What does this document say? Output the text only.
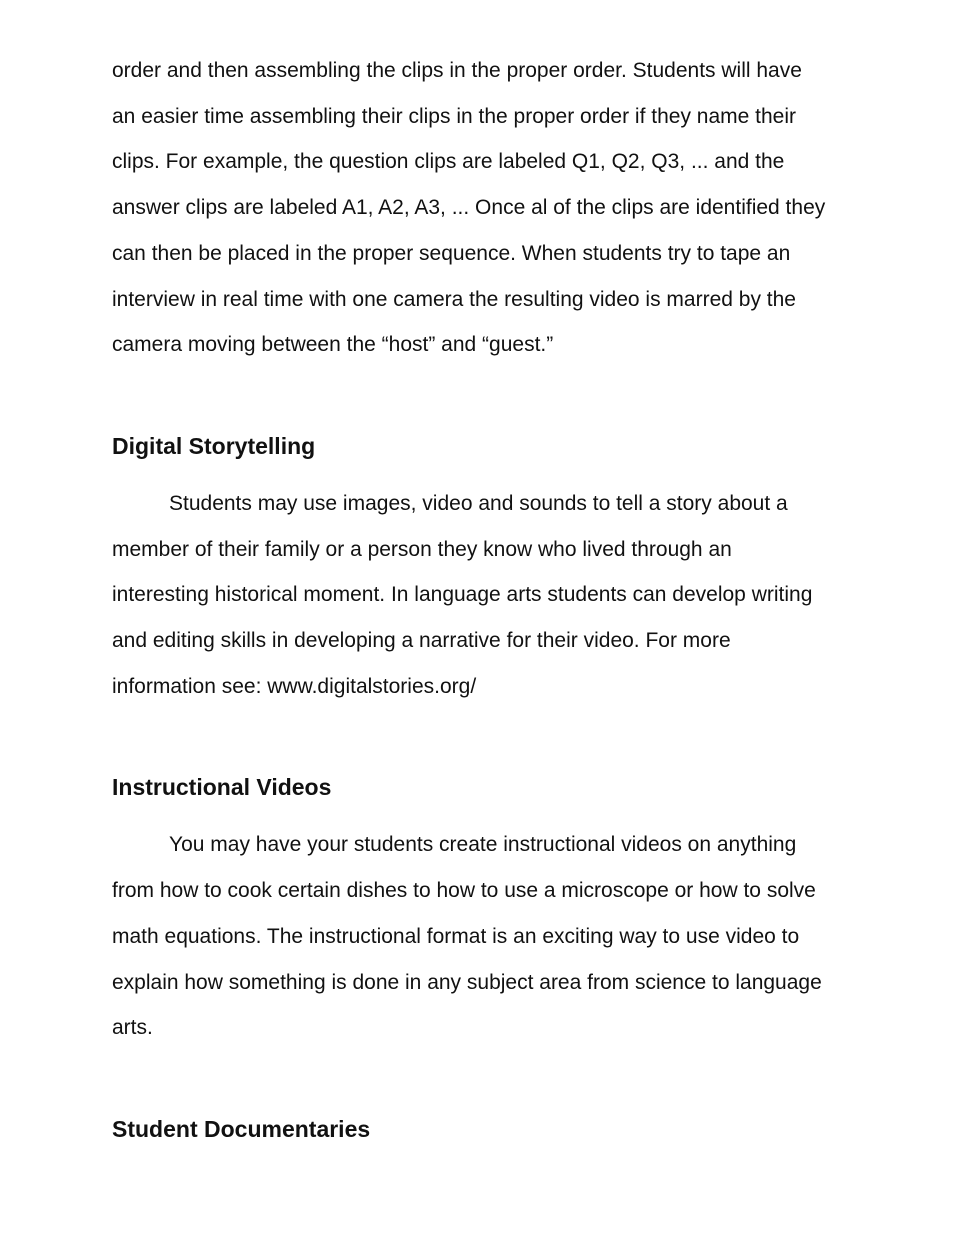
order and then assembling the clips in the proper order. Students will have
an easier time assembling their clips in the proper order if they name their
clips. For example, the question clips are labeled Q1, Q2, Q3, ... and the
answer clips are labeled A1, A2, A3, ... Once al of the clips are identified they
can then be placed in the proper sequence. When students try to tape an
interview in real time with one camera the resulting video is marred by the
camera moving between the “host” and “guest.”

Digital Storytelling

Students may use images, video and sounds to tell a story about a
member of their family or a person they know who lived through an
interesting historical moment. In language arts students can develop writing
and editing skills in developing a narrative for their video. For more
information see: www.digitalstories.org/

Instructional Videos

You may have your students create instructional videos on anything
from how to cook certain dishes to how to use a microscope or how to solve
math equations. The instructional format is an exciting way to use video to
explain how something is done in any subject area from science to language
arts.

Student Documentaries
